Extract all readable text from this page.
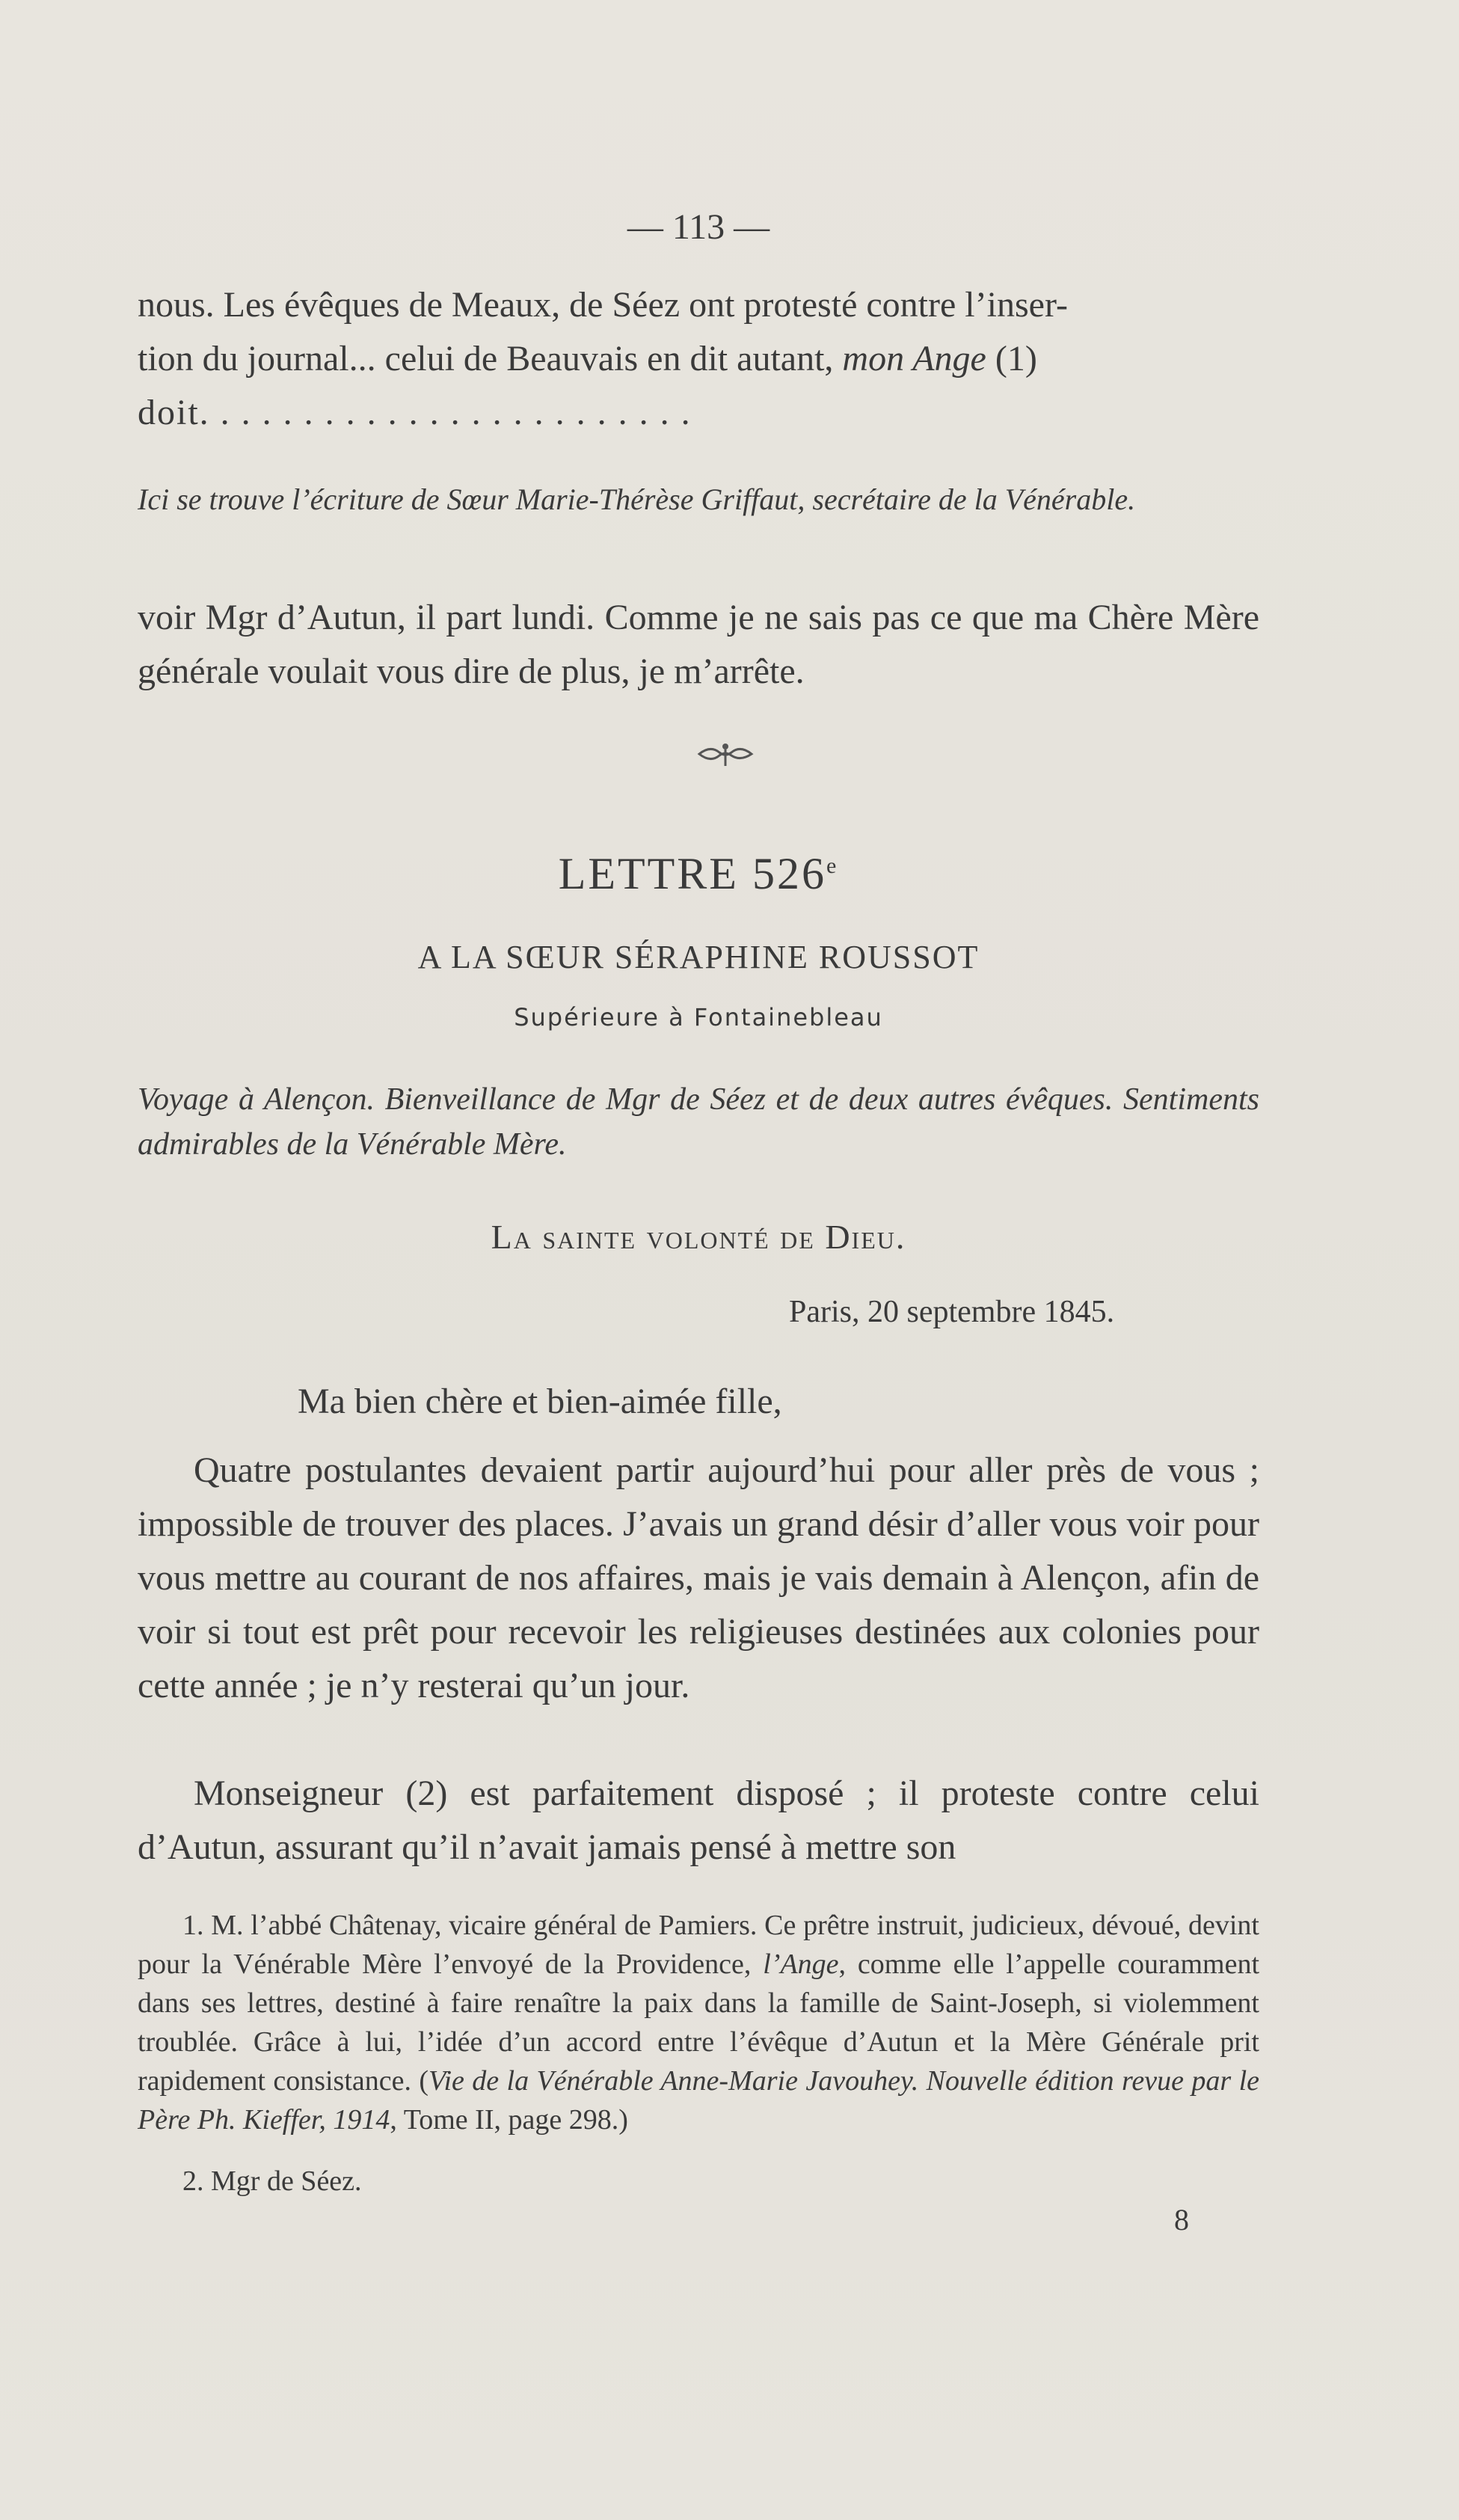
— 113 —

nous. Les évêques de Meaux, de Séez ont protesté contre l’inser-

tion du journal... celui de Beauvais en dit autant, mon Ange (1)

doit. . . . . . . . . . . . . . . . . . . . . . . .

Ici se trouve l’écriture de Sœur Marie-Thérèse Griffaut, secrétaire de la Vénérable.
voir Mgr d’Autun, il part lundi. Comme je ne sais pas ce que ma Chère Mère générale voulait vous dire de plus, je m’arrête.
LETTRE 526e
A LA SŒUR SÉRAPHINE ROUSSOT
Supérieure à Fontainebleau
Voyage à Alençon. Bienveillance de Mgr de Séez et de deux autres évêques. Sentiments admirables de la Vénérable Mère.
La sainte volonté de Dieu.
Paris, 20 septembre 1845.
Ma bien chère et bien-aimée fille,
Quatre postulantes devaient partir aujourd’hui pour aller près de vous ; impossible de trouver des places. J’avais un grand désir d’aller vous voir pour vous mettre au courant de nos affaires, mais je vais demain à Alençon, afin de voir si tout est prêt pour recevoir les religieuses destinées aux colonies pour cette année ; je n’y resterai qu’un jour.
Monseigneur (2) est parfaitement disposé ; il proteste contre celui d’Autun, assurant qu’il n’avait jamais pensé à mettre son
1. M. l’abbé Châtenay, vicaire général de Pamiers. Ce prêtre instruit, judicieux, dévoué, devint pour la Vénérable Mère l’envoyé de la Providence, l’Ange, comme elle l’appelle couramment dans ses lettres, destiné à faire renaître la paix dans la famille de Saint-Joseph, si violemment troublée. Grâce à lui, l’idée d’un accord entre l’évêque d’Autun et la Mère Générale prit rapidement consistance. (Vie de la Vénérable Anne-Marie Javouhey. Nouvelle édition revue par le Père Ph. Kieffer, 1914, Tome II, page 298.)
2. Mgr de Séez.
8
